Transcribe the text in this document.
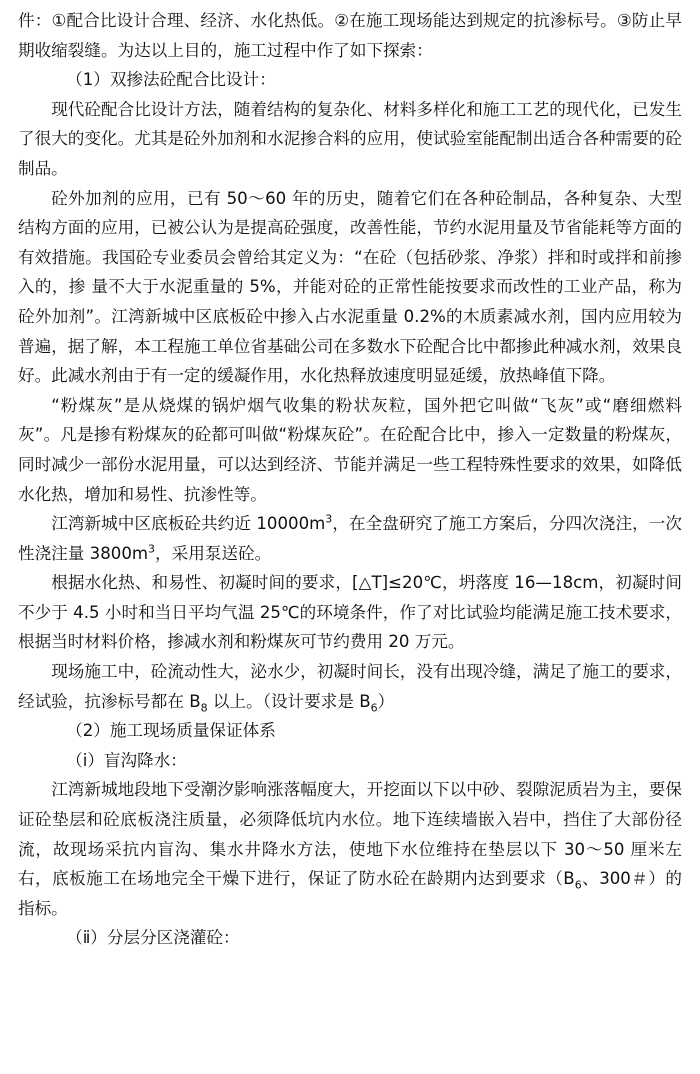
件：①配合比设计合理、经济、水化热低。②在施工现场能达到规定的抗渗标号。③防止早期收缩裂缝。为达以上目的，施工过程中作了如下探索：

（1）双掺法砼配合比设计：

现代砼配合比设计方法，随着结构的复杂化、材料多样化和施工工艺的现代化，已发生了很大的变化。尤其是砼外加剂和水泥掺合料的应用，使试验室能配制出适合各种需要的砼制品。

砼外加剂的应用，已有 50～60 年的历史，随着它们在各种砼制品，各种复杂、大型结构方面的应用，已被公认为是提高砼强度，改善性能，节约水泥用量及节省能耗等方面的有效措施。我国砼专业委员会曾给其定义为：“在砼（包括砂浆、净浆）拌和时或拌和前掺入的，掺 量不大于水泥重量的 5%，并能对砼的正常性能按要求而改性的工业产品，称为砼外加剂”。江湾新城中区底板砼中掺入占水泥重量 0.2%的木质素减水剂，国内应用较为普遍，据了解，本工程施工单位省基础公司在多数水下砼配合比中都掺此种减水剂，效果良好。此减水剂由于有一定的缓凝作用，水化热释放速度明显延缓，放热峰值下降。

“粉煤灰”是从烧煤的锅炉烟气收集的粉状灰粒，国外把它叫做“飞灰”或“磨细燃料灰”。凡是掺有粉煤灰的砼都可叫做“粉煤灰砼”。在砼配合比中，掺入一定数量的粉煤灰，同时减少一部份水泥用量，可以达到经济、节能并满足一些工程特殊性要求的效果，如降低水化热，增加和易性、抗渗性等。

江湾新城中区底板砼共约近 $10000m^3$，在全盘研究了施工方案后，分四次浇注，一次性浇注量 $3800m^3$，采用泵送砼。

根据水化热、和易性、初凝时间的要求，[△T]≤20℃，坍落度 16—18cm，初凝时间不少于 4.5 小时和当日平均气温 25℃的环境条件，作了对比试验均能满足施工技术要求，根据当时材料价格，掺减水剂和粉煤灰可节约费用 20 万元。

现场施工中，砼流动性大，泌水少，初凝时间长，没有出现冷缝，满足了施工的要求，经试验，抗渗标号都在 $B_8$ 以上。（设计要求是 $B_6$）

（2）施工现场质量保证体系

（ⅰ）盲沟降水：

江湾新城地段地下受潮汐影响涨落幅度大，开挖面以下以中砂、裂隙泥质岩为主，要保证砼垫层和砼底板浇注质量，必须降低坑内水位。地下连续墙嵌入岩中，挡住了大部份径流，故现场采抗内盲沟、集水井降水方法，使地下水位维持在垫层以下 30～50 厘米左右，底板施工在场地完全干燥下进行，保证了防水砼在龄期内达到要求（$B_6$、300＃）的指标。

（ⅱ）分层分区浇灌砼：
